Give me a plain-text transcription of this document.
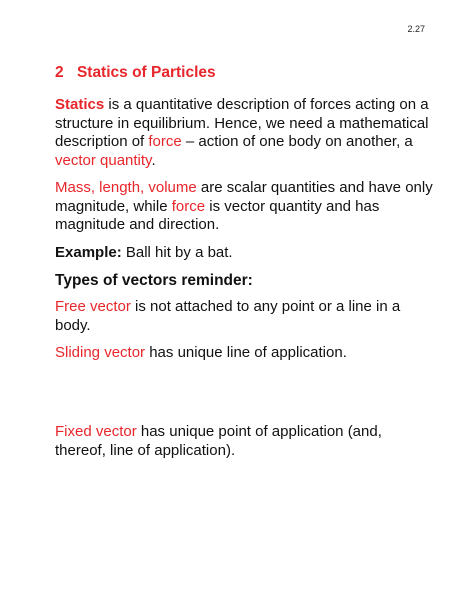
2.27
2 Statics of Particles

Statics is a quantitative description of forces acting on a structure in equilibrium. Hence, we need a mathematical description of force – action of one body on another, a vector quantity.

Mass, length, volume are scalar quantities and have only magnitude, while force is vector quantity and has magnitude and direction.

Example: Ball hit by a bat.

Types of vectors reminder:

Free vector is not attached to any point or a line in a body.

Sliding vector has unique line of application.

Fixed vector has unique point of application (and, thereof, line of application).
